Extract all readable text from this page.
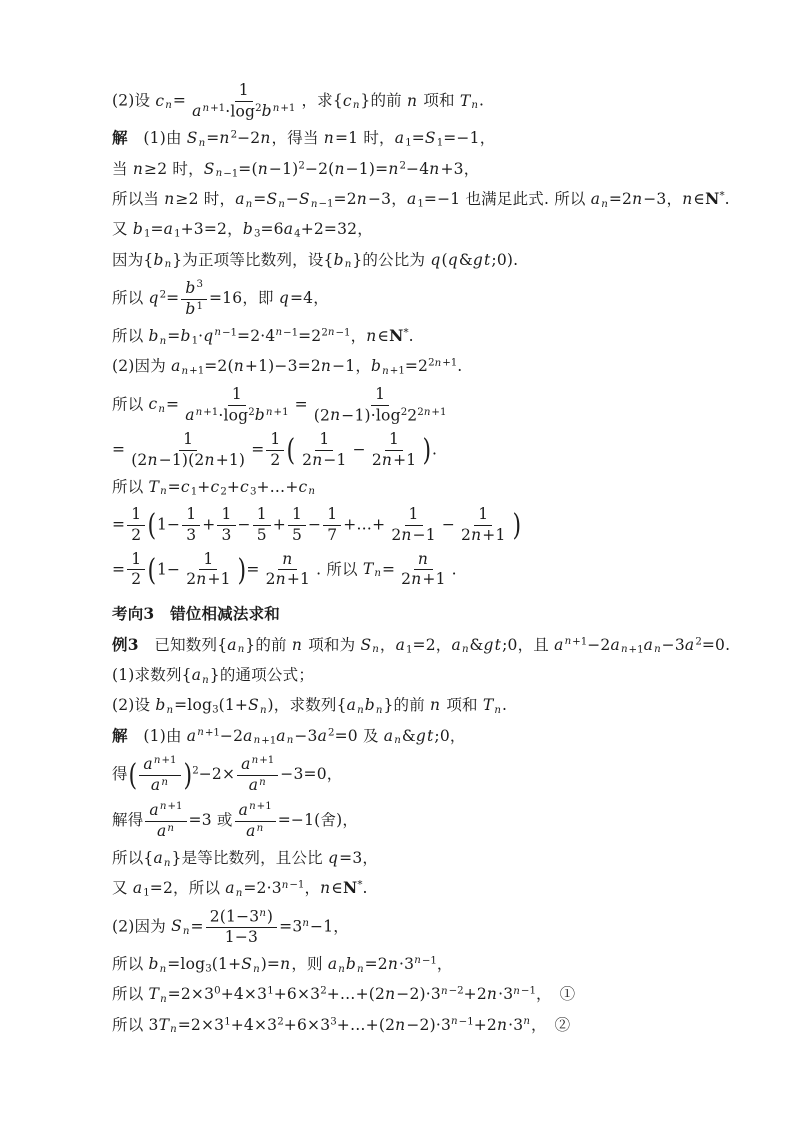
(2)设 $c_n= \frac{1}{a^{n+1}\cdot\log^2b^{n+1}}$ ，求$\{c_n\}$的前 n 项和 $T_n$.
解　(1)由 $S_n=n^2-2n$，得当 n=1 时，$a_1=S_1=-1$，
当 n≥2 时，$S_{n-1}=(n-1)^2-2(n-1)=n^2-4n+3$，
所以当 n≥2 时，$a_n=S_n-S_{n-1}=2n-3$，$a_1=-1$ 也满足此式. 所以 $a_n=2n-3$，n∈N*.
又 $b_1=a_1+3=2$，$b_3=6a_4+2=32$，
因为$\{b_n\}$为正项等比数列，设$\{b_n\}$的公比为 q(q&gt;0).
所以 $q^2= \frac{b^3}{b^1} =16$，即 q=4，
所以 $b_n=b_1\cdot q^{n-1}=2\cdot 4^{n-1}=2^{2n-1}$，n∈N*.
(2)因为 $a_{n+1}=2(n+1)-3=2n-1$，$b_{n+1}=2^{2n+1}$.
所以 $c_n= \frac{1}{a^{n+1}\cdot\log^2b^{n+1}} = \frac{1}{(2n-1)\cdot\log^22^{2n+1}}$
= $\frac{1}{(2n-1)(2n+1)} = \frac{1}{2}$ ( $\frac{1}{2n-1} - \frac{1}{2n+1}$ ).
所以 $T_n=c_1+c_2+c_3+\dots+c_n$
= $\frac{1}{2} (1- \frac{1}{3} + \frac{1}{3} - \frac{1}{5} + \frac{1}{5} - \frac{1}{7}$ +…+ $\frac{1}{2n-1} - \frac{1}{2n+1}$ )
= $\frac{1}{2} (1- \frac{1}{2n+1}$ )= $\frac{n}{2n+1}$ . 所以 $T_n= \frac{n}{2n+1}$ .
考向3　错位相减法求和
例3　已知数列$\{a_n\}$的前 n 项和为 $S_n$，$a_1=2$，$a_n\&gt;0$，且 $a^{n+1}-2a_{n+1}a_n-3a^2=0$.
(1)求数列$\{a_n\}$的通项公式；
(2)设 $b_n=\log_3(1+S_n)$，求数列$\{a_nb_n\}$的前 n 项和 $T_n$.
解　(1)由 $a^{n+1}-2a_{n+1}a_n-3a^2=0$ 及 $a_n\&gt;0$，
得( $\frac{a^{n+1}}{a^n} )^2-2\times \frac{a^{n+1}}{a^n} -3=0$，
解得 $\frac{a^{n+1}}{a^n} =3$ 或 $\frac{a^{n+1}}{a^n} =-1$(舍)，
所以$\{a_n\}$是等比数列，且公比 q=3，
又 $a_1=2$，所以 $a_n=2\cdot 3^{n-1}$，n∈N*.
(2)因为 $S_n= \frac{2(1-3^n)}{1-3} =3^n-1$，
所以 $b_n=\log_3(1+S_n)=n$，则 $a_nb_n=2n\cdot 3^{n-1}$，
所以 $T_n=2\times 3^0+4\times 3^1+6\times 3^2+\dots+(2n-2)\cdot 3^{n-2}+2n\cdot 3^{n-1}$，　①
所以 $3T_n=2\times 3^1+4\times 3^2+6\times 3^3+\dots+(2n-2)\cdot 3^{n-1}+2n\cdot 3^n$，　②
